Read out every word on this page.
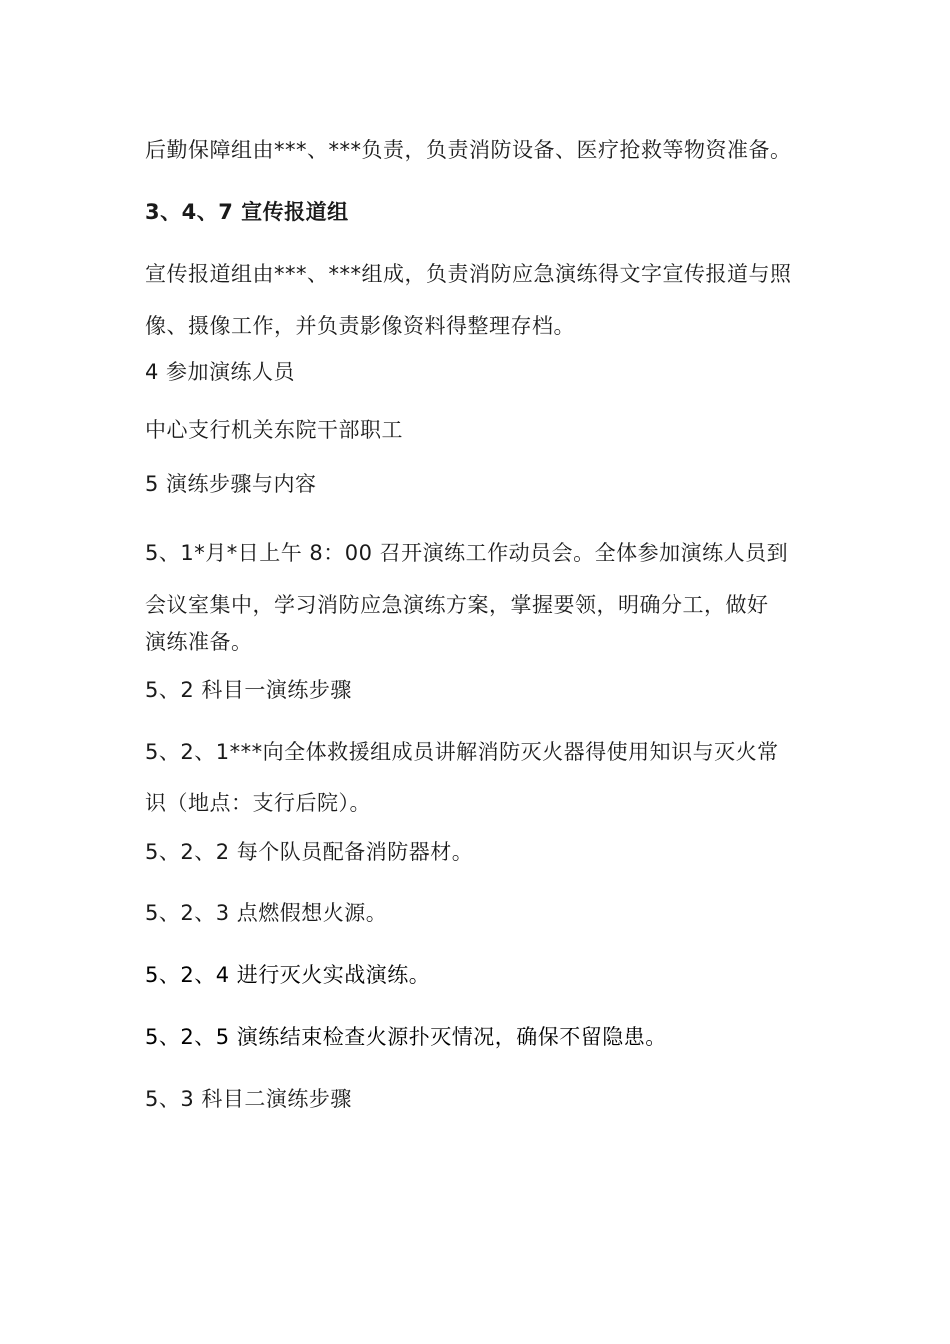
后勤保障组由***、***负责，负责消防设备、医疗抢救等物资准备。
3、4、7 宣传报道组
宣传报道组由***、***组成，负责消防应急演练得文字宣传报道与照
像、摄像工作，并负责影像资料得整理存档。
4 参加演练人员
中心支行机关东院干部职工
5 演练步骤与内容
5、1*月*日上午 8：00 召开演练工作动员会。全体参加演练人员到
会议室集中，学习消防应急演练方案，掌握要领，明确分工，做好
演练准备。
5、2 科目一演练步骤
5、2、1***向全体救援组成员讲解消防灭火器得使用知识与灭火常
识（地点：支行后院）。
5、2、2 每个队员配备消防器材。
5、2、3 点燃假想火源。
5、2、4 进行灭火实战演练。
5、2、5 演练结束检查火源扑灭情况，确保不留隐患。
5、3 科目二演练步骤
